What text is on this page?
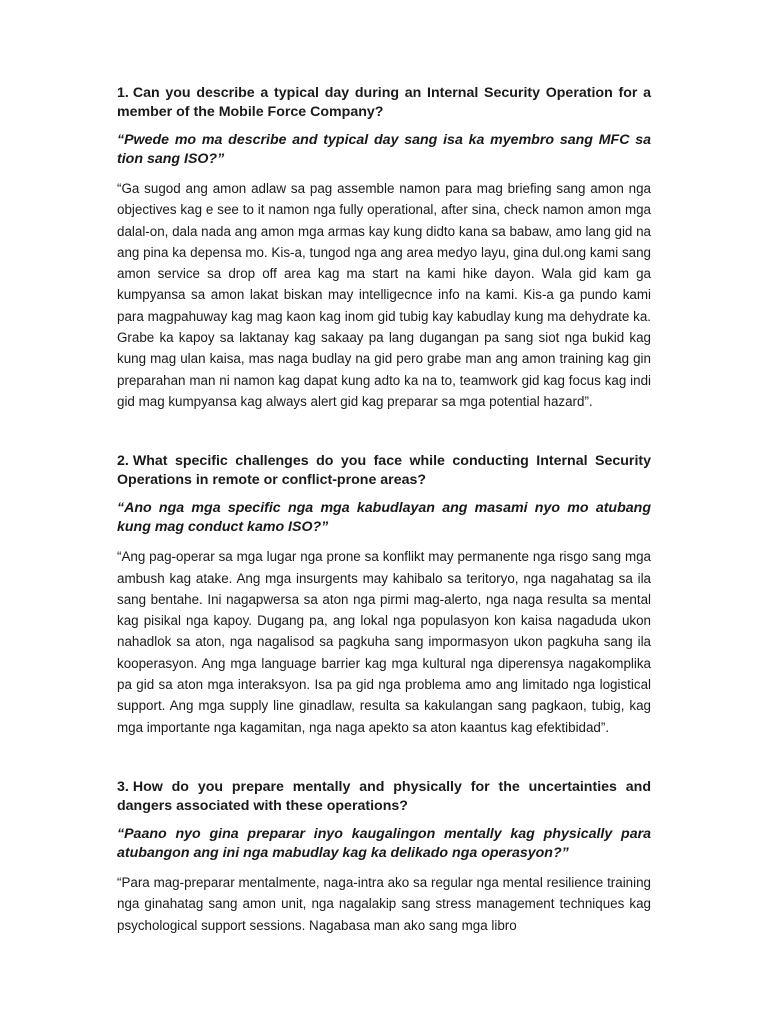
1. Can you describe a typical day during an Internal Security Operation for a member of the Mobile Force Company?

“Pwede mo ma describe and typical day sang isa ka myembro sang MFC sa tion sang ISO?”

“Ga sugod ang amon adlaw sa pag assemble namon para mag briefing sang amon nga objectives kag e see to it namon nga fully operational, after sina, check namon amon mga dalal-on, dala nada ang amon mga armas kay kung didto kana sa babaw, amo lang gid na ang pina ka depensa mo. Kis-a, tungod nga ang area medyo layu, gina dul.ong kami sang amon service sa drop off area kag ma start na kami hike dayon. Wala gid kam ga kumpyansa sa amon lakat biskan may intelligecnce info na kami. Kis-a ga pundo kami para magpahuway kag mag kaon kag inom gid tubig kay kabudlay kung ma dehydrate ka. Grabe ka kapoy sa laktanay kag sakaay pa lang dugangan pa sang siot nga bukid kag kung mag ulan kaisa, mas naga budlay na gid pero grabe man ang amon training kag gin preparahan man ni namon kag dapat kung adto ka na to, teamwork gid kag focus kag indi gid mag kumpyansa kag always alert gid kag preparar sa mga potential hazard”.

2. What specific challenges do you face while conducting Internal Security Operations in remote or conflict-prone areas?

“Ano nga mga specific nga mga kabudlayan ang masami nyo mo atubang kung mag conduct kamo ISO?”

“Ang pag-operar sa mga lugar nga prone sa konflikt may permanente nga risgo sang mga ambush kag atake. Ang mga insurgents may kahibalo sa teritoryo, nga nagahatag sa ila sang bentahe. Ini nagapwersa sa aton nga pirmi mag-alerto, nga naga resulta sa mental kag pisikal nga kapoy. Dugang pa, ang lokal nga populasyon kon kaisa nagaduda ukon nahadlok sa aton, nga nagalisod sa pagkuha sang impormasyon ukon pagkuha sang ila kooperasyon. Ang mga language barrier kag mga kultural nga diperensya nagakomplika pa gid sa aton mga interaksyon. Isa pa gid nga problema amo ang limitado nga logistical support. Ang mga supply line ginadlaw, resulta sa kakulangan sang pagkaon, tubig, kag mga importante nga kagamitan, nga naga apekto sa aton kaantus kag efektibidad”.

3. How do you prepare mentally and physically for the uncertainties and dangers associated with these operations?

“Paano nyo gina preparar inyo kaugalingon mentally kag physically para atubangon ang ini nga mabudlay kag ka delikado nga operasyon?”

“Para mag-preparar mentalmente, naga-intra ako sa regular nga mental resilience training nga ginahatag sang amon unit, nga nagalakip sang stress management techniques kag psychological support sessions. Nagabasa man ako sang mga libro
